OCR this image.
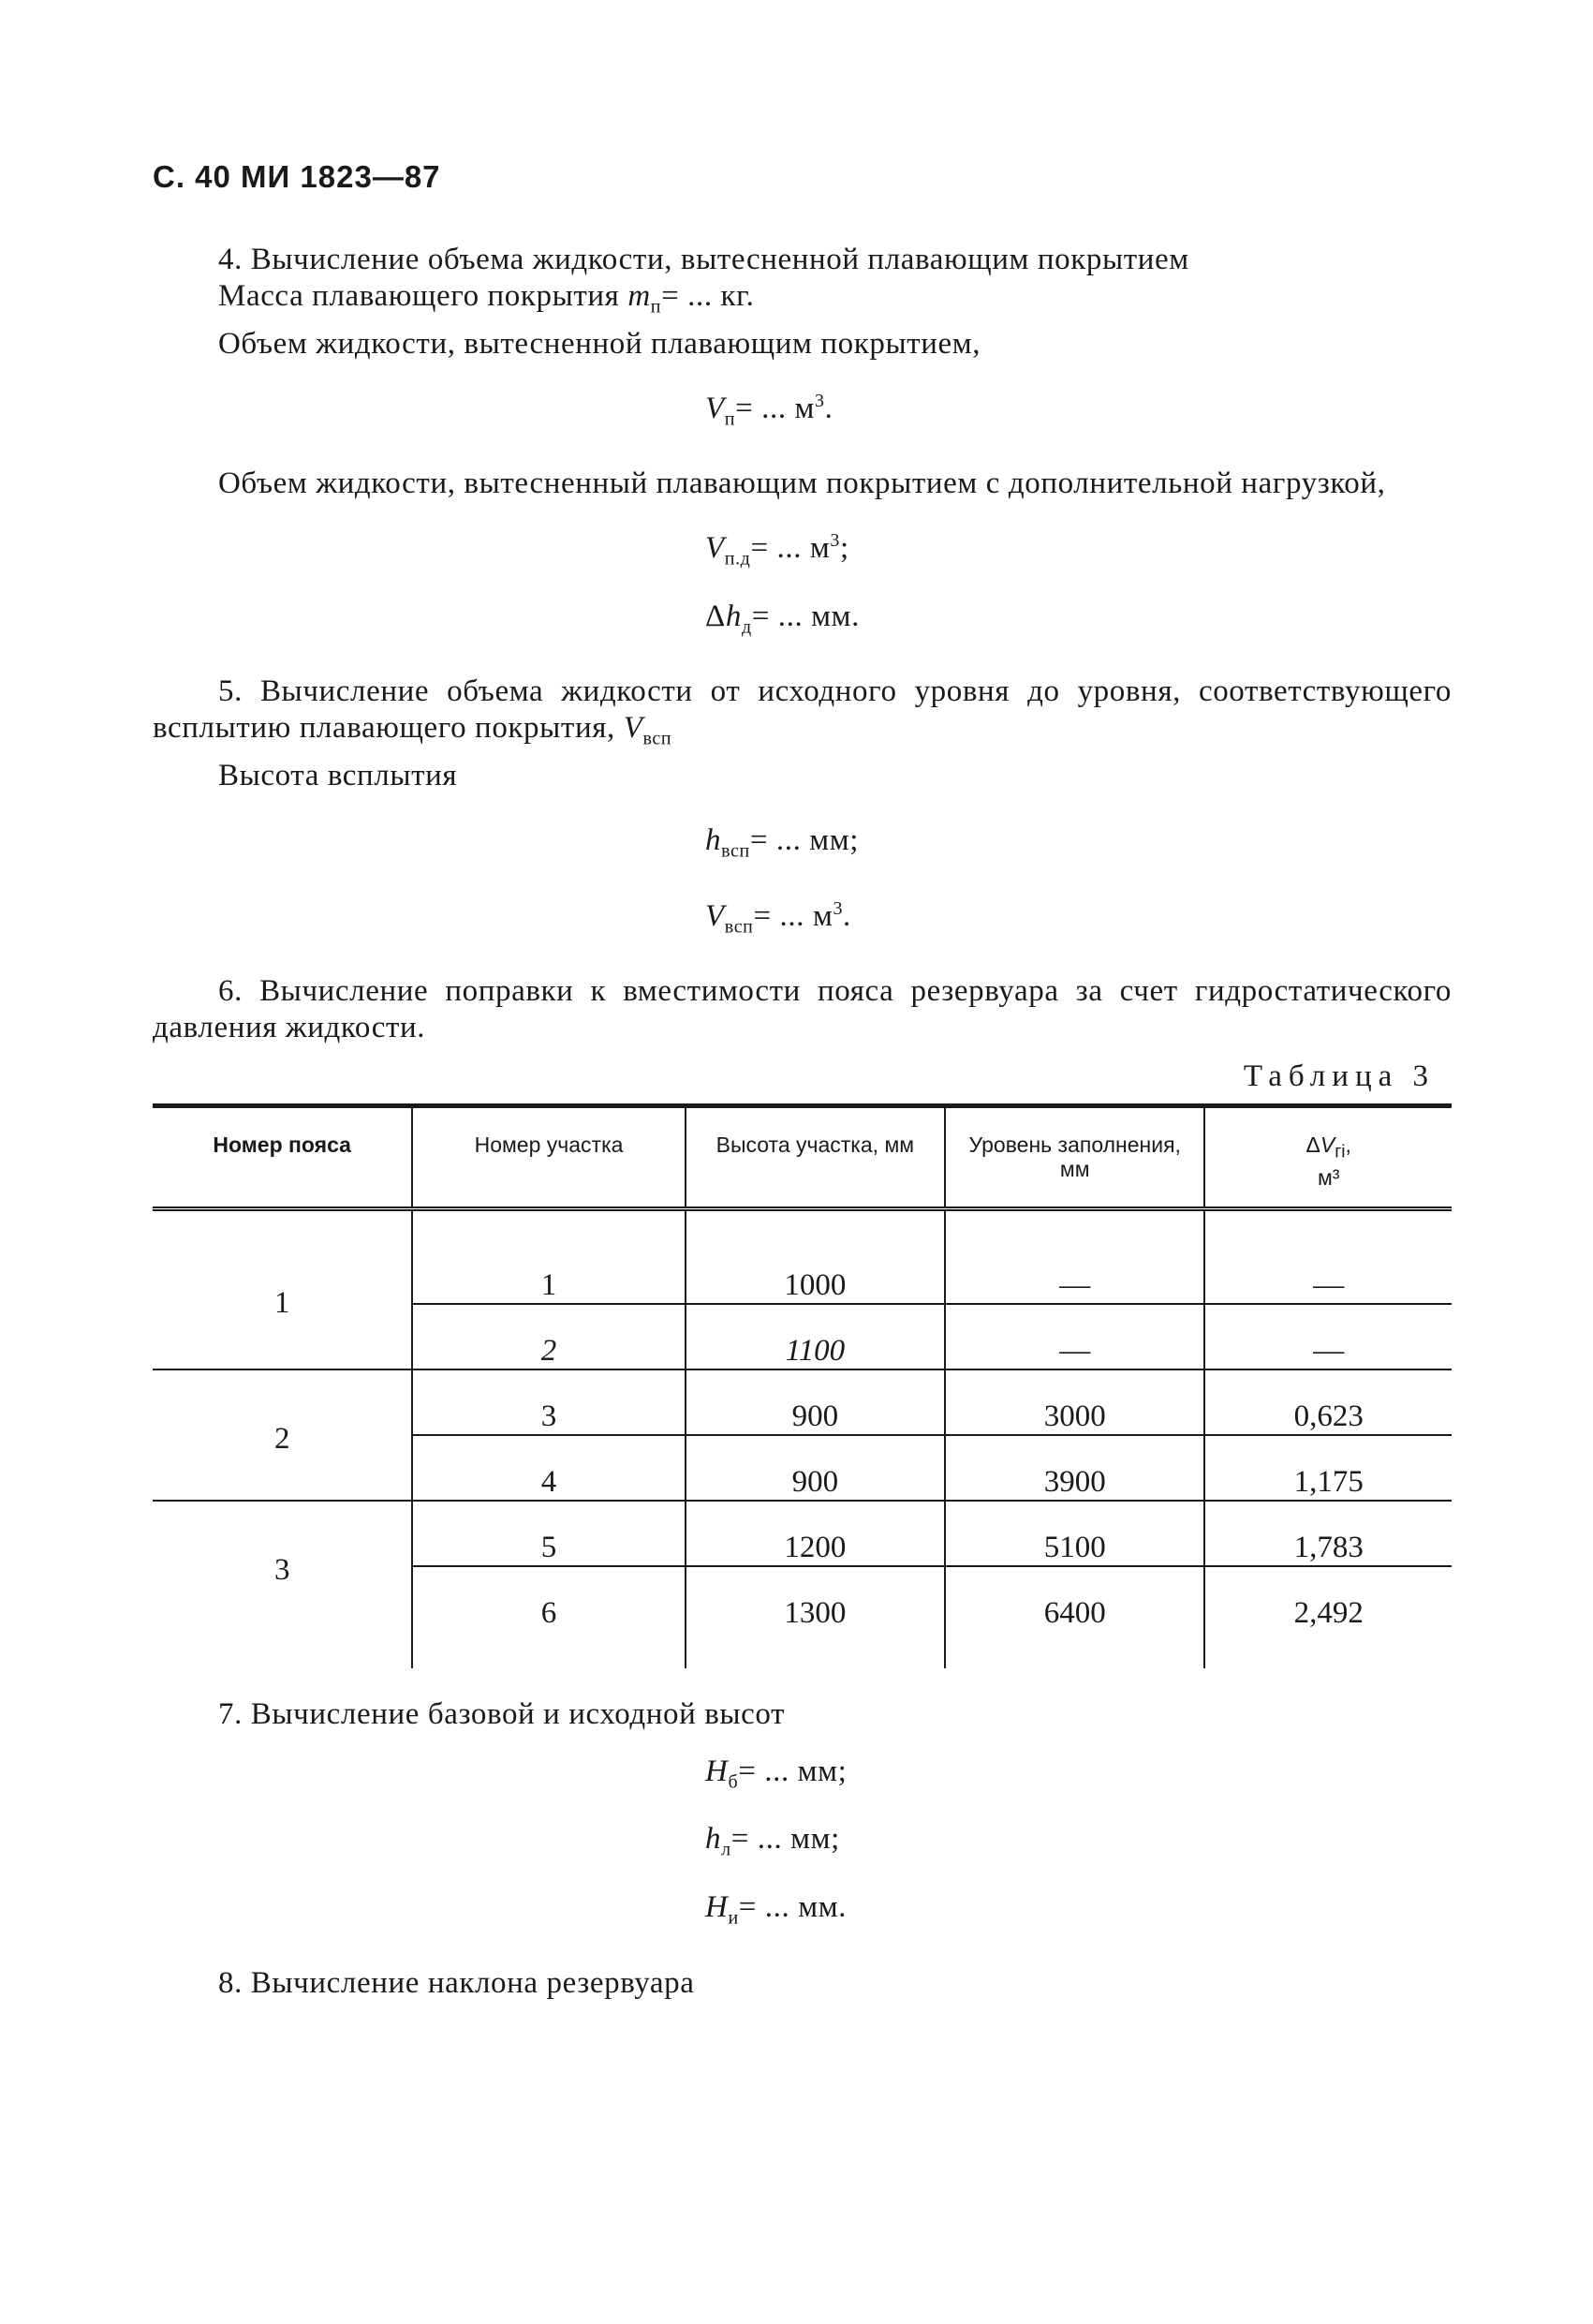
С. 40 МИ 1823—87

4. Вычисление объема жидкости, вытесненной плавающим покрытием

Масса плавающего покрытия $m_п=$ ... кг.

Объем жидкости, вытесненной плавающим покрытием,

$V_п=$ ... $м^3$.

Объем жидкости, вытесненный плавающим покрытием с дополнительной нагрузкой,

$V_{п.д}=$ ... $м^3$;

$\Delta h_д=$ ... мм.

5. Вычисление объема жидкости от исходного уровня до уровня, соответствующего всплытию плавающего покрытия, $V_{всп}$

Высота всплытия

$h_{всп}=$ ... мм;

$V_{всп}=$ ... $м^3$.

6. Вычисление поправки к вместимости пояса резервуара за счет гидростатического давления жидкости.

Таблица 3
Номер пояса	Номер участка	Высота участка, мм	Уровень заполнения, мм	$\Delta V_{гi}$,
м³
1	1	1000	—	—
	2	1100	—	—
2	3	900	3000	0,623
	4	900	3900	1,175
3	5	1200	5100	1,783
	6	1300	6400	2,492

7. Вычисление базовой и исходной высот

$H_б=$ ... мм;

$h_л=$ ... мм;

$H_и=$ ... мм.

8. Вычисление наклона резервуара
